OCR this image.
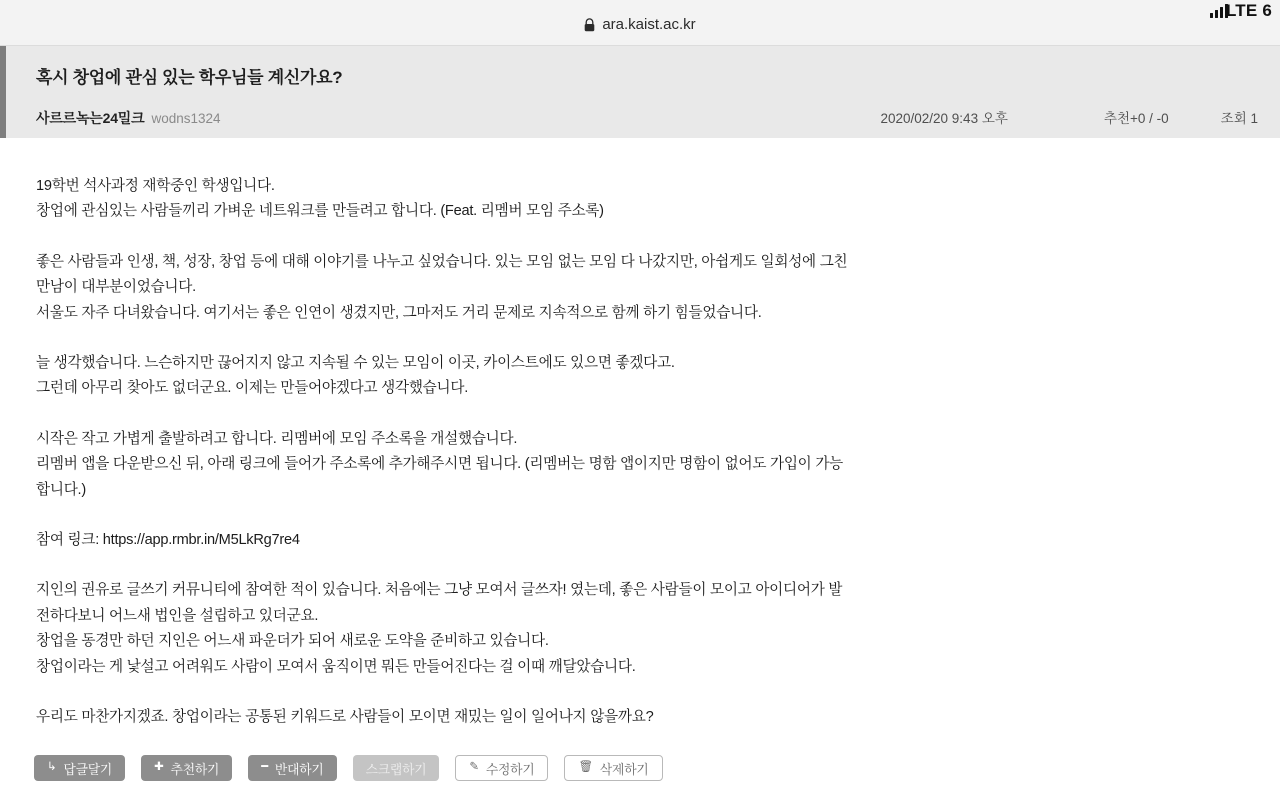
LTE 6
ara.kaist.ac.kr
혹시 창업에 관심 있는 학우님들 계신가요?
사르르녹는24밀크 wodns1324	2020/02/20 9:43 오후	추천+0 / -0	조회 1

19학번 석사과정 재학중인 학생입니다.

창업에 관심있는 사람들끼리 가벼운 네트워크를 만들려고 합니다. (Feat. 리멤버 모임 주소록)

좋은 사람들과 인생, 책, 성장, 창업 등에 대해 이야기를 나누고 싶었습니다. 있는 모임 없는 모임 다 나갔지만, 아쉽게도 일회성에 그친 만남이 대부분이었습니다.

서울도 자주 다녀왔습니다. 여기서는 좋은 인연이 생겼지만, 그마저도 거리 문제로 지속적으로 함께 하기 힘들었습니다.

늘 생각했습니다. 느슨하지만 끊어지지 않고 지속될 수 있는 모임이 이곳, 카이스트에도 있으면 좋겠다고.

그런데 아무리 찾아도 없더군요. 이제는 만들어야겠다고 생각했습니다.

시작은 작고 가볍게 출발하려고 합니다. 리멤버에 모임 주소록을 개설했습니다.

리멤버 앱을 다운받으신 뒤, 아래 링크에 들어가 주소록에 추가해주시면 됩니다. (리멤버는 명함 앱이지만 명함이 없어도 가입이 가능합니다.)

참여 링크: https://app.rmbr.in/M5LkRg7re4

지인의 권유로 글쓰기 커뮤니티에 참여한 적이 있습니다. 처음에는 그냥 모여서 글쓰자! 였는데, 좋은 사람들이 모이고 아이디어가 발전하다보니 어느새 법인을 설립하고 있더군요.

창업을 동경만 하던 지인은 어느새 파운더가 되어 새로운 도약을 준비하고 있습니다.

창업이라는 게 낯설고 어려워도 사람이 모여서 움직이면 뭐든 만들어진다는 걸 이때 깨달았습니다.

우리도 마찬가지겠죠. 창업이라는 공통된 키워드로 사람들이 모이면 재밌는 일이 일어나지 않을까요?

↳ 답글달기	✚ 추천하기	━ 반대하기	스크랩하기	✎ 수정하기	🗑 삭제하기
